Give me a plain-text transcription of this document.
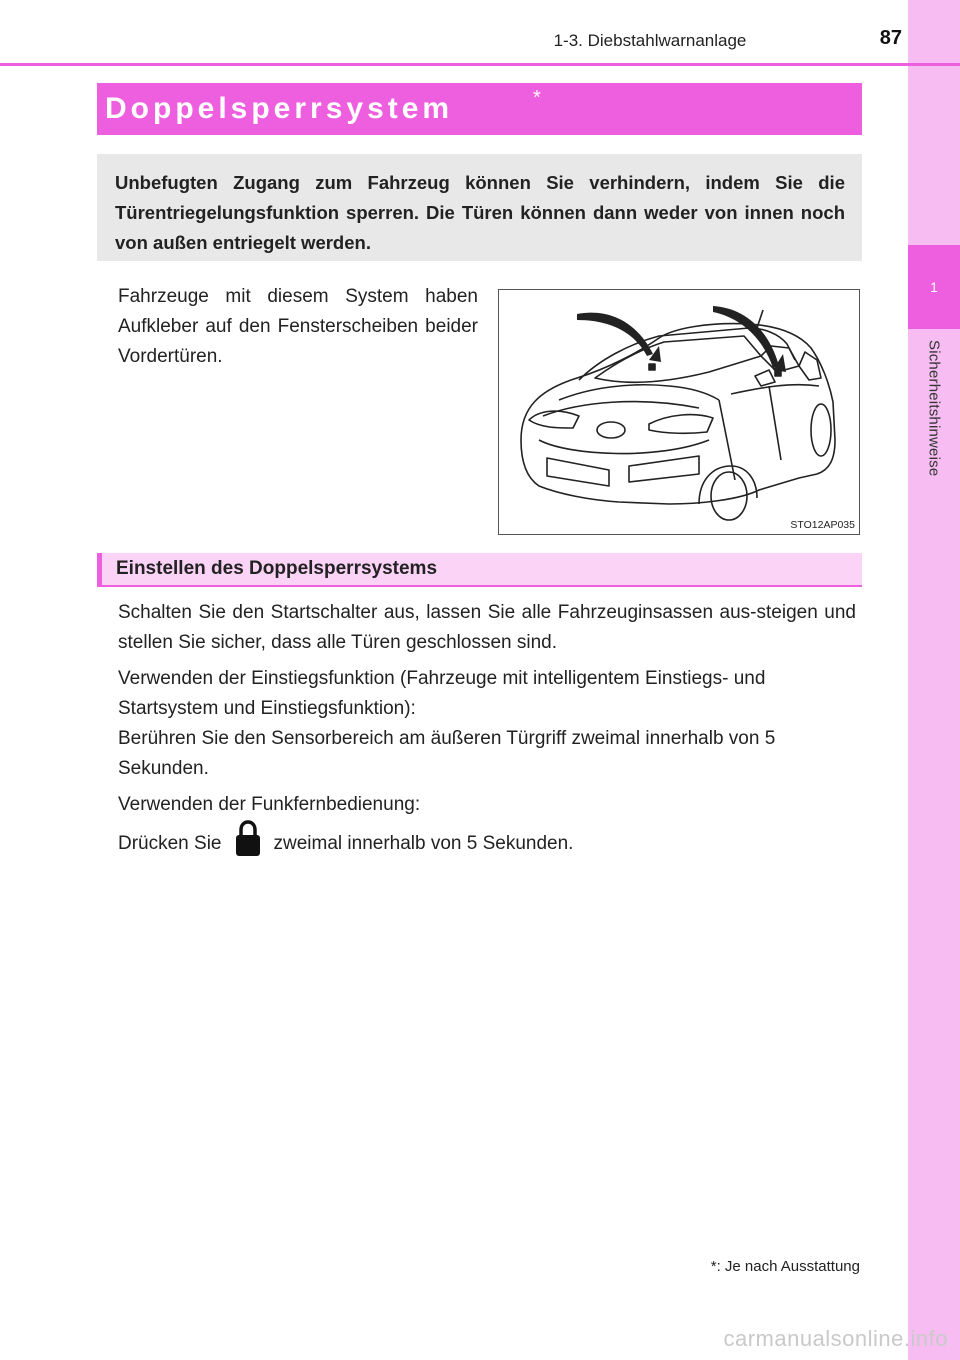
1
Sicherheitshinweise
1-3. Diebstahlwarnanlage	87
Doppelsperrsystem	*
Unbefugten Zugang zum Fahrzeug können Sie verhindern, indem Sie die Türentriegelungsfunktion sperren. Die Türen können dann weder von innen noch von außen entriegelt werden.

Fahrzeuge mit diesem System haben Aufkleber auf den Fensterscheiben beider Vordertüren.

STO12AP035
Einstellen des Doppelsperrsystems

Schalten Sie den Startschalter aus, lassen Sie alle Fahrzeuginsassen aus-steigen und stellen Sie sicher, dass alle Türen geschlossen sind.

Verwenden der Einstiegsfunktion (Fahrzeuge mit intelligentem Einstiegs- und Startsystem und Einstiegsfunktion):
Berühren Sie den Sensorbereich am äußeren Türgriff zweimal innerhalb von 5 Sekunden.
Verwenden der Funkfernbedienung:
Drücken Sie	zweimal innerhalb von 5 Sekunden.
*: Je nach Ausstattung
carmanualsonline.info
